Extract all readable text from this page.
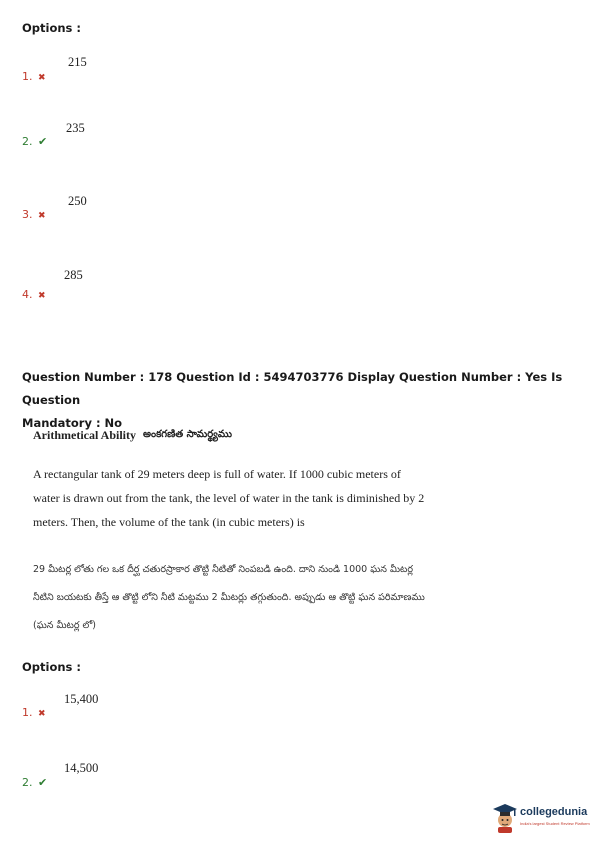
Options :
215
1. ✖
235
2. ✔
250
3. ✖
285
4. ✖
Question Number : 178 Question Id : 5494703776 Display Question Number : Yes Is Question
Mandatory : No
Arithmetical Ability అంకగణిత సామర్థ్యము
A rectangular tank of 29 meters deep is full of water. If 1000 cubic meters of water is drawn out from the tank, the level of water in the tank is diminished by 2 meters. Then, the volume of the tank (in cubic meters) is
29 మీటర్ల లోతు గల ఒక దీర్ఘ చతురస్రాకార తొట్టి నీటితో నింపబడి ఉంది. దాని నుండి 1000 ఘన మీటర్ల నీటిని బయటకు తీస్తే ఆ తొట్టి లోని నీటి మట్టము 2 మీటర్లు తగ్గుతుంది. అప్పుడు ఆ తొట్టి ఘన పరిమాణము (ఘన మీటర్ల లో)
Options :
15,400
1. ✖
14,500
2. ✔
collegedunia
India's largest Student Review Platform
